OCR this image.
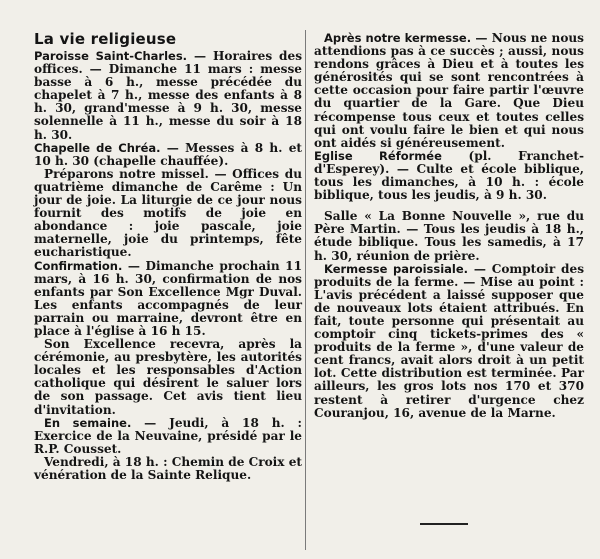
La vie religieuse

Paroisse Saint-Charles. — Horaires des offices. — Dimanche 11 mars : messe basse à 6 h., messe précédée du chapelet à 7 h., messe des enfants à 8 h. 30, grand'messe à 9 h. 30, messe solennelle à 11 h., messe du soir à 18 h. 30.

Chapelle de Chréa. — Messes à 8 h. et 10 h. 30 (chapelle chauffée).

Préparons notre missel. — Offices du quatrième dimanche de Carême : Un jour de joie. La liturgie de ce jour nous fournit des motifs de joie en abondance : joie pascale, joie maternelle, joie du printemps, fête eucharistique.

Confirmation. — Dimanche prochain 11 mars, à 16 h. 30, confirmation de nos enfants par Son Excellence Mgr Duval. Les enfants accompagnés de leur parrain ou marraine, devront être en place à l'église à 16 h 15.

Son Excellence recevra, après la cérémonie, au presbytère, les autorités locales et les responsables d'Action catholique qui désirent le saluer lors de son passage. Cet avis tient lieu d'invitation.

En semaine. — Jeudi, à 18 h. : Exercice de la Neuvaine, présidé par le R.P. Cousset.

Vendredi, à 18 h. : Chemin de Croix et vénération de la Sainte Relique.

Après notre kermesse. — Nous ne nous attendions pas à ce succès ; aussi, nous rendons grâces à Dieu et à toutes les générosités qui se sont rencontrées à cette occasion pour faire partir l'œuvre du quartier de la Gare. Que Dieu récompense tous ceux et toutes celles qui ont voulu faire le bien et qui nous ont aidés si généreusement.

Eglise Réformée (pl. Franchet-d'Esperey). — Culte et école biblique, tous les dimanches, à 10 h. : école biblique, tous les jeudis, à 9 h. 30.

Salle « La Bonne Nouvelle », rue du Père Martin. — Tous les jeudis à 18 h., étude biblique. Tous les samedis, à 17 h. 30, réunion de prière.

Kermesse paroissiale. — Comptoir des produits de la ferme. — Mise au point : L'avis précédent a laissé supposer que de nouveaux lots étaient attribués. En fait, toute personne qui présentait au comptoir cinq tickets-primes des « produits de la ferme », d'une valeur de cent francs, avait alors droit à un petit lot. Cette distribution est terminée. Par ailleurs, les gros lots nos 170 et 370 restent à retirer d'urgence chez Couranjou, 16, avenue de la Marne.
